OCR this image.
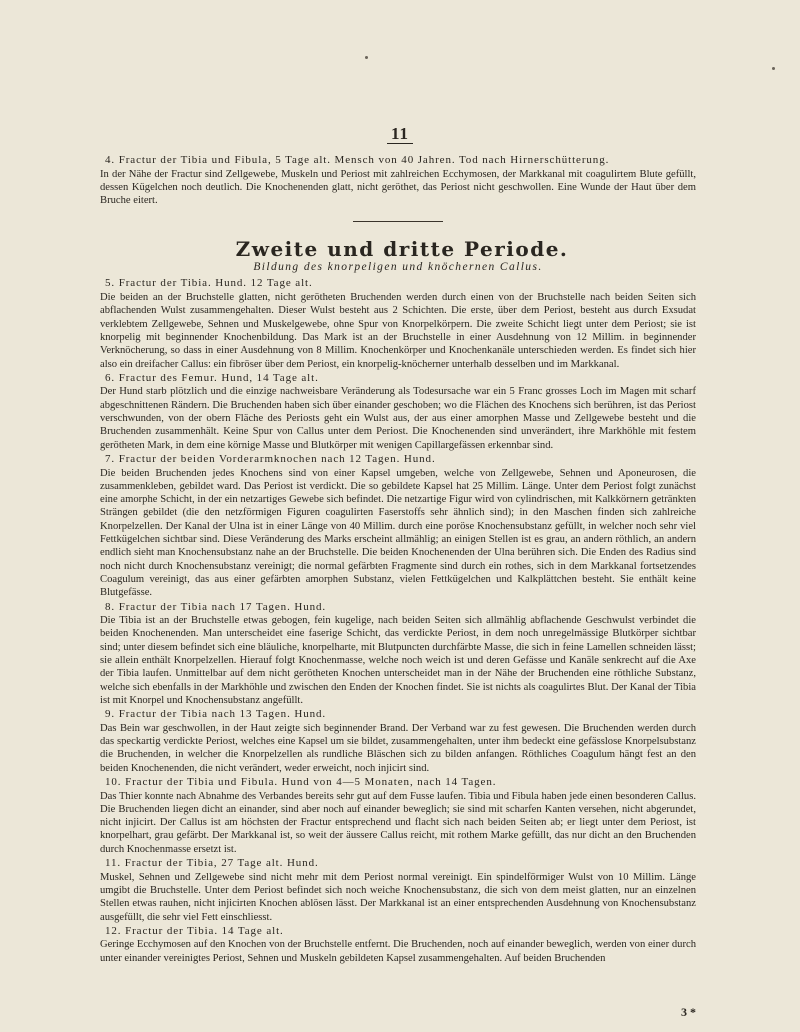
11

4. Fractur der Tibia und Fibula, 5 Tage alt. Mensch von 40 Jahren. Tod nach Hirnerschütterung.

In der Nähe der Fractur sind Zellgewebe, Muskeln und Periost mit zahlreichen Ecchymosen, der Markkanal mit coagulirtem Blute gefüllt, dessen Kügelchen noch deutlich. Die Knochenenden glatt, nicht geröthet, das Periost nicht geschwollen. Eine Wunde der Haut über dem Bruche eitert.

Zweite und dritte Periode.
Bildung des knorpeligen und knöchernen Callus.

5. Fractur der Tibia. Hund. 12 Tage alt.

Die beiden an der Bruchstelle glatten, nicht gerötheten Bruchenden werden durch einen von der Bruchstelle nach beiden Seiten sich abflachenden Wulst zusammengehalten. Dieser Wulst besteht aus 2 Schichten. Die erste, über dem Periost, besteht aus durch Exsudat verklebtem Zellgewebe, Sehnen und Muskelgewebe, ohne Spur von Knorpelkörpern. Die zweite Schicht liegt unter dem Periost; sie ist knorpelig mit beginnender Knochenbildung. Das Mark ist an der Bruchstelle in einer Ausdehnung von 12 Millim. in beginnender Verknöcherung, so dass in einer Ausdehnung von 8 Millim. Knochenkörper und Knochenkanäle unterschieden werden. Es findet sich hier also ein dreifacher Callus: ein fibröser über dem Periost, ein knorpelig-knöcherner unterhalb desselben und im Markkanal.

6. Fractur des Femur. Hund, 14 Tage alt.

Der Hund starb plötzlich und die einzige nachweisbare Veränderung als Todesursache war ein 5 Franc grosses Loch im Magen mit scharf abgeschnittenen Rändern. Die Bruchenden haben sich über einander geschoben; wo die Flächen des Knochens sich berühren, ist das Periost verschwunden, von der obern Fläche des Periosts geht ein Wulst aus, der aus einer amorphen Masse und Zellgewebe besteht und die Bruchenden zusammenhält. Keine Spur von Callus unter dem Periost. Die Knochenenden sind unverändert, ihre Markhöhle mit festem gerötheten Mark, in dem eine körnige Masse und Blutkörper mit wenigen Capillargefässen erkennbar sind.

7. Fractur der beiden Vorderarmknochen nach 12 Tagen. Hund.

Die beiden Bruchenden jedes Knochens sind von einer Kapsel umgeben, welche von Zellgewebe, Sehnen und Aponeurosen, die zusammenkleben, gebildet ward. Das Periost ist verdickt. Die so gebildete Kapsel hat 25 Millim. Länge. Unter dem Periost folgt zunächst eine amorphe Schicht, in der ein netzartiges Gewebe sich befindet. Die netzartige Figur wird von cylindrischen, mit Kalkkörnern getränkten Strängen gebildet (die den netzförmigen Figuren coagulirten Faserstoffs sehr ähnlich sind); in den Maschen finden sich zahlreiche Knorpelzellen. Der Kanal der Ulna ist in einer Länge von 40 Millim. durch eine poröse Knochensubstanz gefüllt, in welcher noch sehr viel Fettkügelchen sichtbar sind. Diese Veränderung des Marks erscheint allmählig; an einigen Stellen ist es grau, an andern röthlich, an andern endlich sieht man Knochensubstanz nahe an der Bruchstelle. Die beiden Knochenenden der Ulna berühren sich. Die Enden des Radius sind noch nicht durch Knochensubstanz vereinigt; die normal gefärbten Fragmente sind durch ein rothes, sich in dem Markkanal fortsetzendes Coagulum vereinigt, das aus einer gefärbten amorphen Substanz, vielen Fettkügelchen und Kalkplättchen besteht. Sie enthält keine Blutgefässe.

8. Fractur der Tibia nach 17 Tagen. Hund.

Die Tibia ist an der Bruchstelle etwas gebogen, fein kugelige, nach beiden Seiten sich allmählig abflachende Geschwulst verbindet die beiden Knochenenden. Man unterscheidet eine faserige Schicht, das verdickte Periost, in dem noch unregelmässige Blutkörper sichtbar sind; unter diesem befindet sich eine bläuliche, knorpelharte, mit Blutpuncten durchfärbte Masse, die sich in feine Lamellen schneiden lässt; sie allein enthält Knorpelzellen. Hierauf folgt Knochenmasse, welche noch weich ist und deren Gefässe und Kanäle senkrecht auf die Axe der Tibia laufen. Unmittelbar auf dem nicht gerötheten Knochen unterscheidet man in der Nähe der Bruchenden eine röthliche Substanz, welche sich ebenfalls in der Markhöhle und zwischen den Enden der Knochen findet. Sie ist nichts als coagulirtes Blut. Der Kanal der Tibia ist mit Knorpel und Knochensubstanz angefüllt.

9. Fractur der Tibia nach 13 Tagen. Hund.

Das Bein war geschwollen, in der Haut zeigte sich beginnender Brand. Der Verband war zu fest gewesen. Die Bruchenden werden durch das speckartig verdickte Periost, welches eine Kapsel um sie bildet, zusammengehalten, unter ihm bedeckt eine gefässlose Knorpelsubstanz die Bruchenden, in welcher die Knorpelzellen als rundliche Bläschen sich zu bilden anfangen. Röthliches Coagulum hängt fest an den beiden Knochenenden, die nicht verändert, weder erweicht, noch injicirt sind.

10. Fractur der Tibia und Fibula. Hund von 4—5 Monaten, nach 14 Tagen.

Das Thier konnte nach Abnahme des Verbandes bereits sehr gut auf dem Fusse laufen. Tibia und Fibula haben jede einen besonderen Callus. Die Bruchenden liegen dicht an einander, sind aber noch auf einander beweglich; sie sind mit scharfen Kanten versehen, nicht abgerundet, nicht injicirt. Der Callus ist am höchsten der Fractur entsprechend und flacht sich nach beiden Seiten ab; er liegt unter dem Periost, ist knorpelhart, grau gefärbt. Der Markkanal ist, so weit der äussere Callus reicht, mit rothem Marke gefüllt, das nur dicht an den Bruchenden durch Knochenmasse ersetzt ist.

11. Fractur der Tibia, 27 Tage alt. Hund.

Muskel, Sehnen und Zellgewebe sind nicht mehr mit dem Periost normal vereinigt. Ein spindelförmiger Wulst von 10 Millim. Länge umgibt die Bruchstelle. Unter dem Periost befindet sich noch weiche Knochensubstanz, die sich von dem meist glatten, nur an einzelnen Stellen etwas rauhen, nicht injicirten Knochen ablösen lässt. Der Markkanal ist an einer entsprechenden Ausdehnung von Knochensubstanz ausgefüllt, die sehr viel Fett einschliesst.

12. Fractur der Tibia. 14 Tage alt.

Geringe Ecchymosen auf den Knochen von der Bruchstelle entfernt. Die Bruchenden, noch auf einander beweglich, werden von einer durch unter einander vereinigtes Periost, Sehnen und Muskeln gebildeten Kapsel zusammengehalten. Auf beiden Bruchenden

3 *
